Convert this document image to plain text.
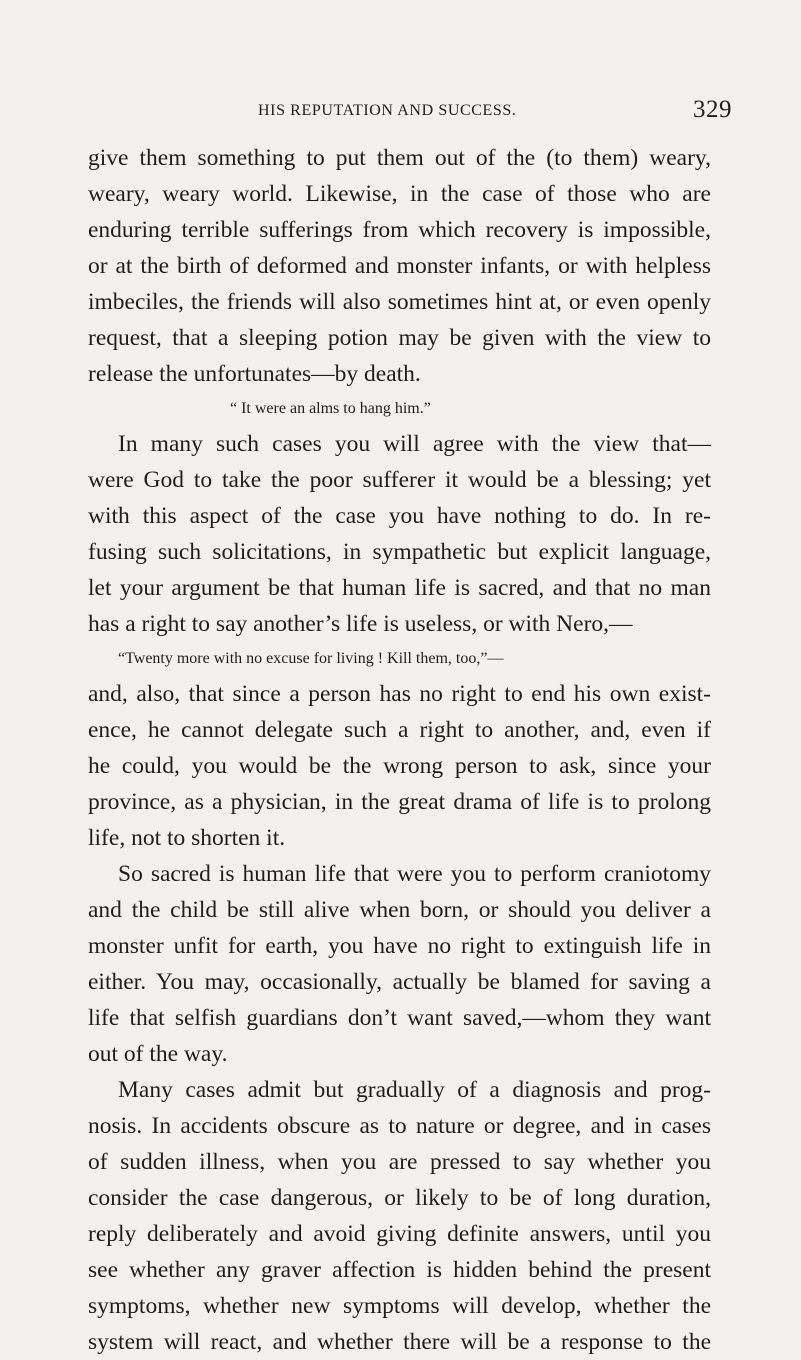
HIS REPUTATION AND SUCCESS.	329
give them something to put them out of the (to them) weary,
weary, weary world. Likewise, in the case of those who are
enduring terrible sufferings from which recovery is impossible,
or at the birth of deformed and monster infants, or with helpless
imbeciles, the friends will also sometimes hint at, or even openly
request, that a sleeping potion may be given with the view to
release the unfortunates—by death.
“ It were an alms to hang him.”
In many such cases you will agree with the view that—
were God to take the poor sufferer it would be a blessing; yet
with this aspect of the case you have nothing to do. In re-
fusing such solicitations, in sympathetic but explicit language,
let your argument be that human life is sacred, and that no man
has a right to say another’s life is useless, or with Nero,—
“Twenty more with no excuse for living ! Kill them, too,”—
and, also, that since a person has no right to end his own exist-
ence, he cannot delegate such a right to another, and, even if
he could, you would be the wrong person to ask, since your
province, as a physician, in the great drama of life is to prolong
life, not to shorten it.
So sacred is human life that were you to perform craniotomy
and the child be still alive when born, or should you deliver a
monster unfit for earth, you have no right to extinguish life in
either. You may, occasionally, actually be blamed for saving a
life that selfish guardians don’t want saved,—whom they want
out of the way.
Many cases admit but gradually of a diagnosis and prog-
nosis. In accidents obscure as to nature or degree, and in cases
of sudden illness, when you are pressed to say whether you
consider the case dangerous, or likely to be of long duration,
reply deliberately and avoid giving definite answers, until you
see whether any graver affection is hidden behind the present
symptoms, whether new symptoms will develop, whether the
system will react, and whether there will be a response to the
